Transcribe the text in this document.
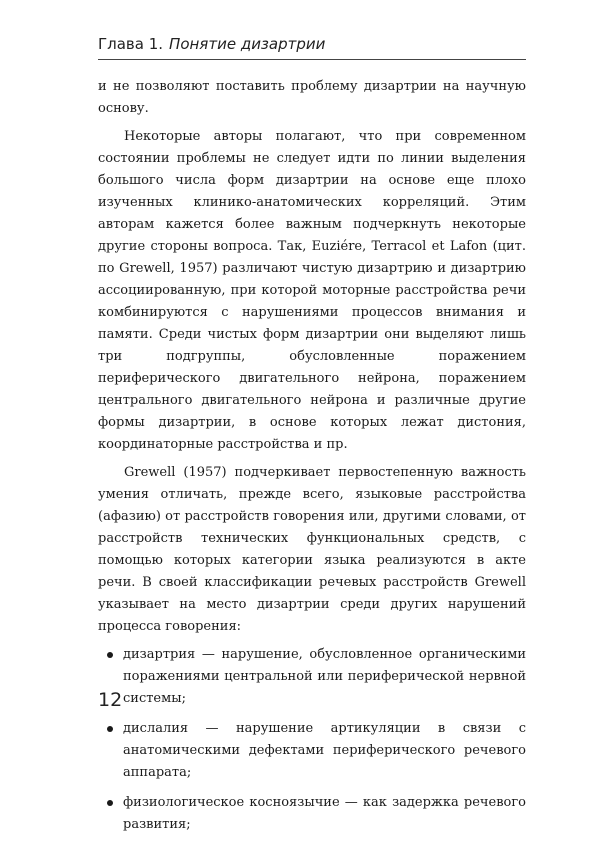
Глава 1. Понятие дизартрии

и не позволяют поставить проблему дизартрии на научную основу.

Некоторые авторы полагают, что при современном состоянии проблемы не следует идти по линии выделения большого числа форм дизартрии на основе еще плохо изученных клинико-анатомических корреляций. Этим авторам кажется более важным подчеркнуть некоторые другие стороны вопроса. Так, Euziére, Terracol et Lafon (цит. по Grewell, 1957) различают чистую дизартрию и дизартрию ассоциированную, при которой моторные расстройства речи комбинируются с нарушениями процессов внимания и памяти. Среди чистых форм дизартрии они выделяют лишь три подгруппы, обусловленные поражением периферического двигательного нейрона, поражением центрального двигательного нейрона и различные другие формы дизартрии, в основе которых лежат дистония, координаторные расстройства и пр.

Grewell (1957) подчеркивает первостепенную важность умения отличать, прежде всего, языковые расстройства (афазию) от расстройств говорения или, другими словами, от расстройств технических функциональных средств, с помощью которых категории языка реализуются в акте речи. В своей классификации речевых расстройств Grewell указывает на место дизартрии среди других нарушений процесса говорения:

дизартрия — нарушение, обусловленное органическими поражениями центральной или периферической нервной системы;
дислалия — нарушение артикуляции в связи с анатомическими дефектами периферического речевого аппарата;
физиологическое косноязычие — как задержка речевого развития;
12
